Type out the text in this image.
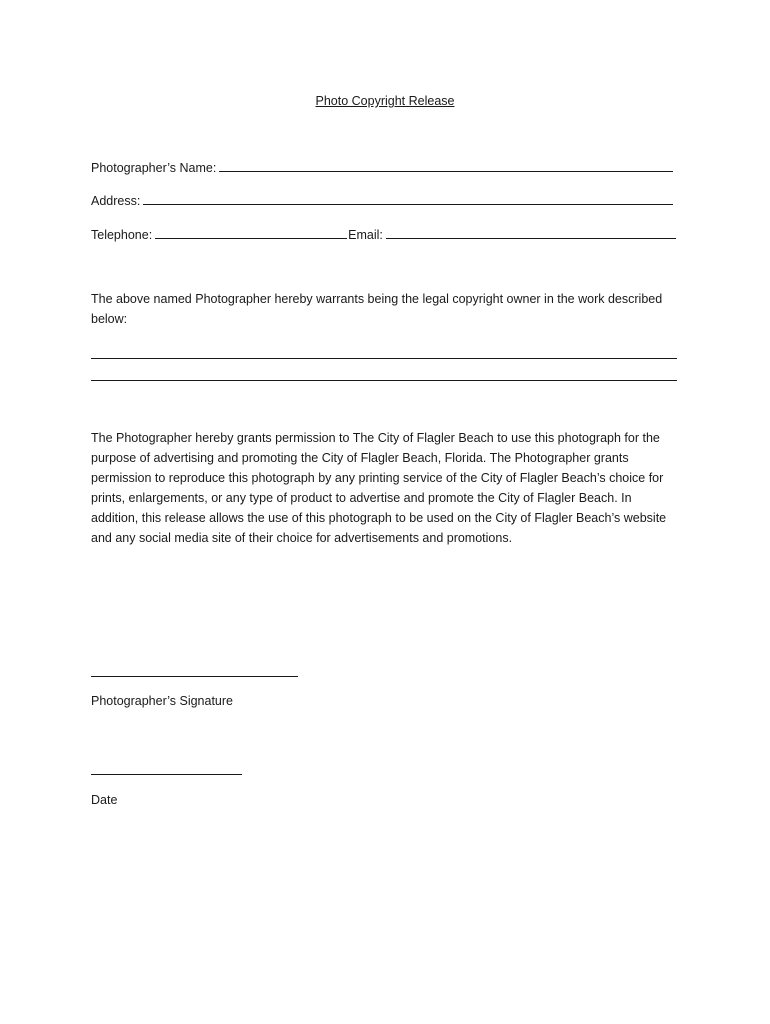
Photo Copyright Release
Photographer’s Name:
Address:
Telephone:	Email:
The above named Photographer hereby warrants being the legal copyright owner in the work described below:
The Photographer hereby grants permission to The City of Flagler Beach to use this photograph for the purpose of advertising and promoting the City of Flagler Beach, Florida. The Photographer grants permission to reproduce this photograph by any printing service of the City of Flagler Beach’s choice for prints, enlargements, or any type of product to advertise and promote the City of Flagler Beach. In addition, this release allows the use of this photograph to be used on the City of Flagler Beach’s website and any social media site of their choice for advertisements and promotions.
Photographer’s Signature
Date
